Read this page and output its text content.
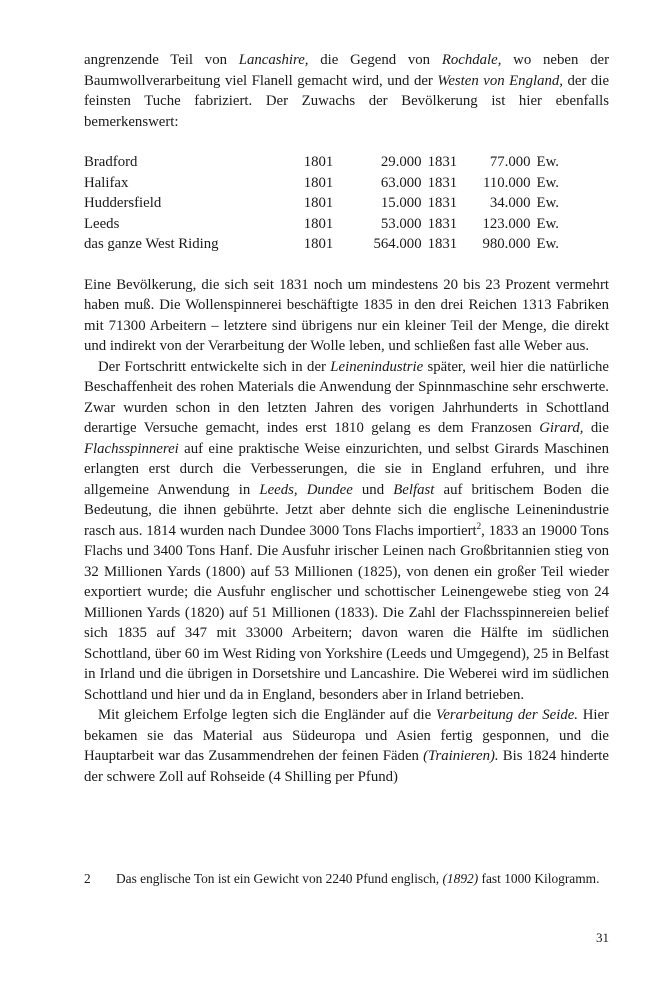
angrenzende Teil von Lancashire, die Gegend von Rochdale, wo neben der Baumwollverarbeitung viel Flanell gemacht wird, und der Westen von England, der die feinsten Tuche fabriziert. Der Zuwachs der Bevölkerung ist hier ebenfalls bemerkenswert:

Bradford	1801	29.000	1831	77.000	Ew.
Halifax	1801	63.000	1831	110.000	Ew.
Huddersfield	1801	15.000	1831	34.000	Ew.
Leeds	1801	53.000	1831	123.000	Ew.
das ganze West Riding	1801	564.000	1831	980.000	Ew.

Eine Bevölkerung, die sich seit 1831 noch um mindestens 20 bis 23 Prozent vermehrt haben muß. Die Wollenspinnerei beschäftigte 1835 in den drei Reichen 1313 Fabriken mit 71300 Arbeitern – letztere sind übrigens nur ein kleiner Teil der Menge, die direkt und indirekt von der Verarbeitung der Wolle leben, und schließen fast alle Weber aus.

Der Fortschritt entwickelte sich in der Leinenindustrie später, weil hier die natürliche Beschaffenheit des rohen Materials die Anwendung der Spinnmaschine sehr erschwerte. Zwar wurden schon in den letzten Jahren des vorigen Jahrhunderts in Schottland derartige Versuche gemacht, indes erst 1810 gelang es dem Franzosen Girard, die Flachsspinnerei auf eine praktische Weise einzurichten, und selbst Girards Maschinen erlangten erst durch die Verbesserungen, die sie in England erfuhren, und ihre allgemeine Anwendung in Leeds, Dundee und Belfast auf britischem Boden die Bedeutung, die ihnen gebührte. Jetzt aber dehnte sich die englische Leinenindustrie rasch aus. 1814 wurden nach Dundee 3000 Tons Flachs importiert$^2$, 1833 an 19000 Tons Flachs und 3400 Tons Hanf. Die Ausfuhr irischer Leinen nach Großbritannien stieg von 32 Millionen Yards (1800) auf 53 Millionen (1825), von denen ein großer Teil wieder exportiert wurde; die Ausfuhr englischer und schottischer Leinengewebe stieg von 24 Millionen Yards (1820) auf 51 Millionen (1833). Die Zahl der Flachsspinnereien belief sich 1835 auf 347 mit 33000 Arbeitern; davon waren die Hälfte im südlichen Schottland, über 60 im West Riding von Yorkshire (Leeds und Umgegend), 25 in Belfast in Irland und die übrigen in Dorsetshire und Lancashire. Die Weberei wird im südlichen Schottland und hier und da in England, besonders aber in Irland betrieben.

Mit gleichem Erfolge legten sich die Engländer auf die Verarbeitung der Seide. Hier bekamen sie das Material aus Südeuropa und Asien fertig gesponnen, und die Hauptarbeit war das Zusammendrehen der feinen Fäden (Trainieren). Bis 1824 hinderte der schwere Zoll auf Rohseide (4 Shilling per Pfund)

2	Das englische Ton ist ein Gewicht von 2240 Pfund englisch, (1892) fast 1000 Kilogramm.
31
